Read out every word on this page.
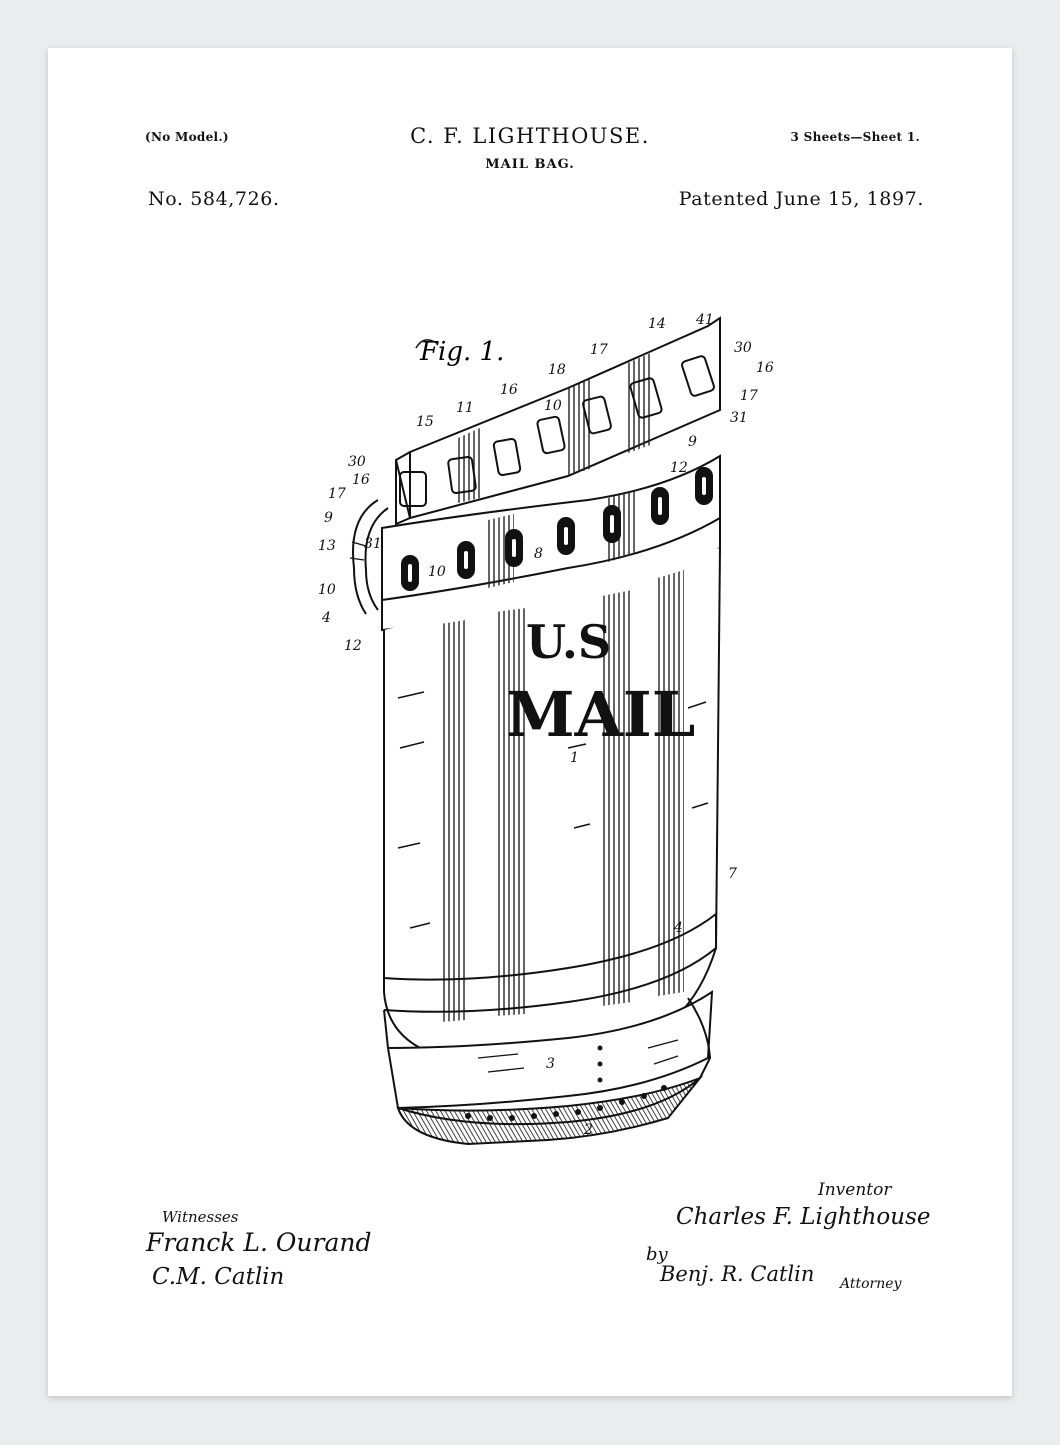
(No Model.)	C. F. LIGHTHOUSE.	3 Sheets—Sheet 1.
MAIL BAG.
No. 584,726.	Patented June 15, 1897.
Fig. 1.
U.S
MAIL
41
30
16
17
14
17
18
16
10
11
15
30
16
17
9
13 31
10
4
12
10
8
9
12
31
1
7
4
3
2
Witnesses
Franck L. Ourand
C.M. Catlin
Inventor
Charles F. Lighthouse
by
Benj. R. Catlin Attorney
